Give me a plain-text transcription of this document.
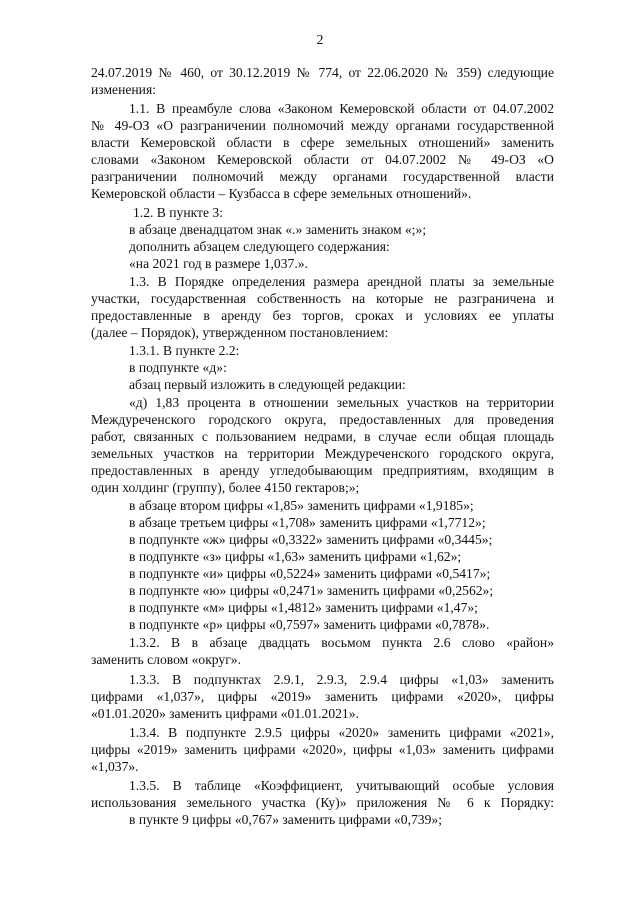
2
24.07.2019 № 460, от 30.12.2019 № 774, от 22.06.2020 № 359) следующие
изменения:
1.1. В преамбуле слова «Законом Кемеровской области от 04.07.2002
№ 49-ОЗ «О разграничении полномочий между органами государственной
власти Кемеровской области в сфере земельных отношений» заменить
словами «Законом Кемеровской области от 04.07.2002 № 49-ОЗ «О
разграничении полномочий между органами государственной власти
Кемеровской области – Кузбасса в сфере земельных отношений».
1.2. В пункте 3:
в абзаце двенадцатом знак «.» заменить знаком «;»;
дополнить абзацем следующего содержания:
«на 2021 год в размере 1,037.».
1.3. В Порядке определения размера арендной платы за земельные
участки, государственная собственность на которые не разграничена и
предоставленные в аренду без торгов, сроках и условиях ее уплаты
(далее – Порядок), утвержденном постановлением:
1.3.1. В пункте 2.2:
в подпункте «д»:
абзац первый изложить в следующей редакции:
«д) 1,83 процента в отношении земельных участков на территории
Междуреченского городского округа, предоставленных для проведения
работ, связанных с пользованием недрами, в случае если общая площадь
земельных участков на территории Междуреченского городского округа,
предоставленных в аренду угледобывающим предприятиям, входящим в
один холдинг (группу), более 4150 гектаров;»;
в абзаце втором цифры «1,85» заменить цифрами «1,9185»;
в абзаце третьем цифры «1,708» заменить цифрами «1,7712»;
в подпункте «ж» цифры «0,3322» заменить цифрами «0,3445»;
в подпункте «з» цифры «1,63» заменить цифрами «1,62»;
в подпункте «и» цифры «0,5224» заменить цифрами «0,5417»;
в подпункте «ю» цифры «0,2471» заменить цифрами «0,2562»;
в подпункте «м» цифры «1,4812» заменить цифрами «1,47»;
в подпункте «р» цифры «0,7597» заменить цифрами «0,7878».
1.3.2. В в абзаце двадцать восьмом пункта 2.6 слово «район»
заменить словом «округ».
1.3.3. В подпунктах 2.9.1, 2.9.3, 2.9.4 цифры «1,03» заменить
цифрами «1,037», цифры «2019» заменить цифрами «2020», цифры
«01.01.2020» заменить цифрами «01.01.2021».
1.3.4. В подпункте 2.9.5 цифры «2020» заменить цифрами «2021»,
цифры «2019» заменить цифрами «2020», цифры «1,03» заменить цифрами
«1,037».
1.3.5. В таблице «Коэффициент, учитывающий особые условия
использования земельного участка (Ку)» приложения № 6 к Порядку:
в пункте 9 цифры «0,767» заменить цифрами «0,739»;
